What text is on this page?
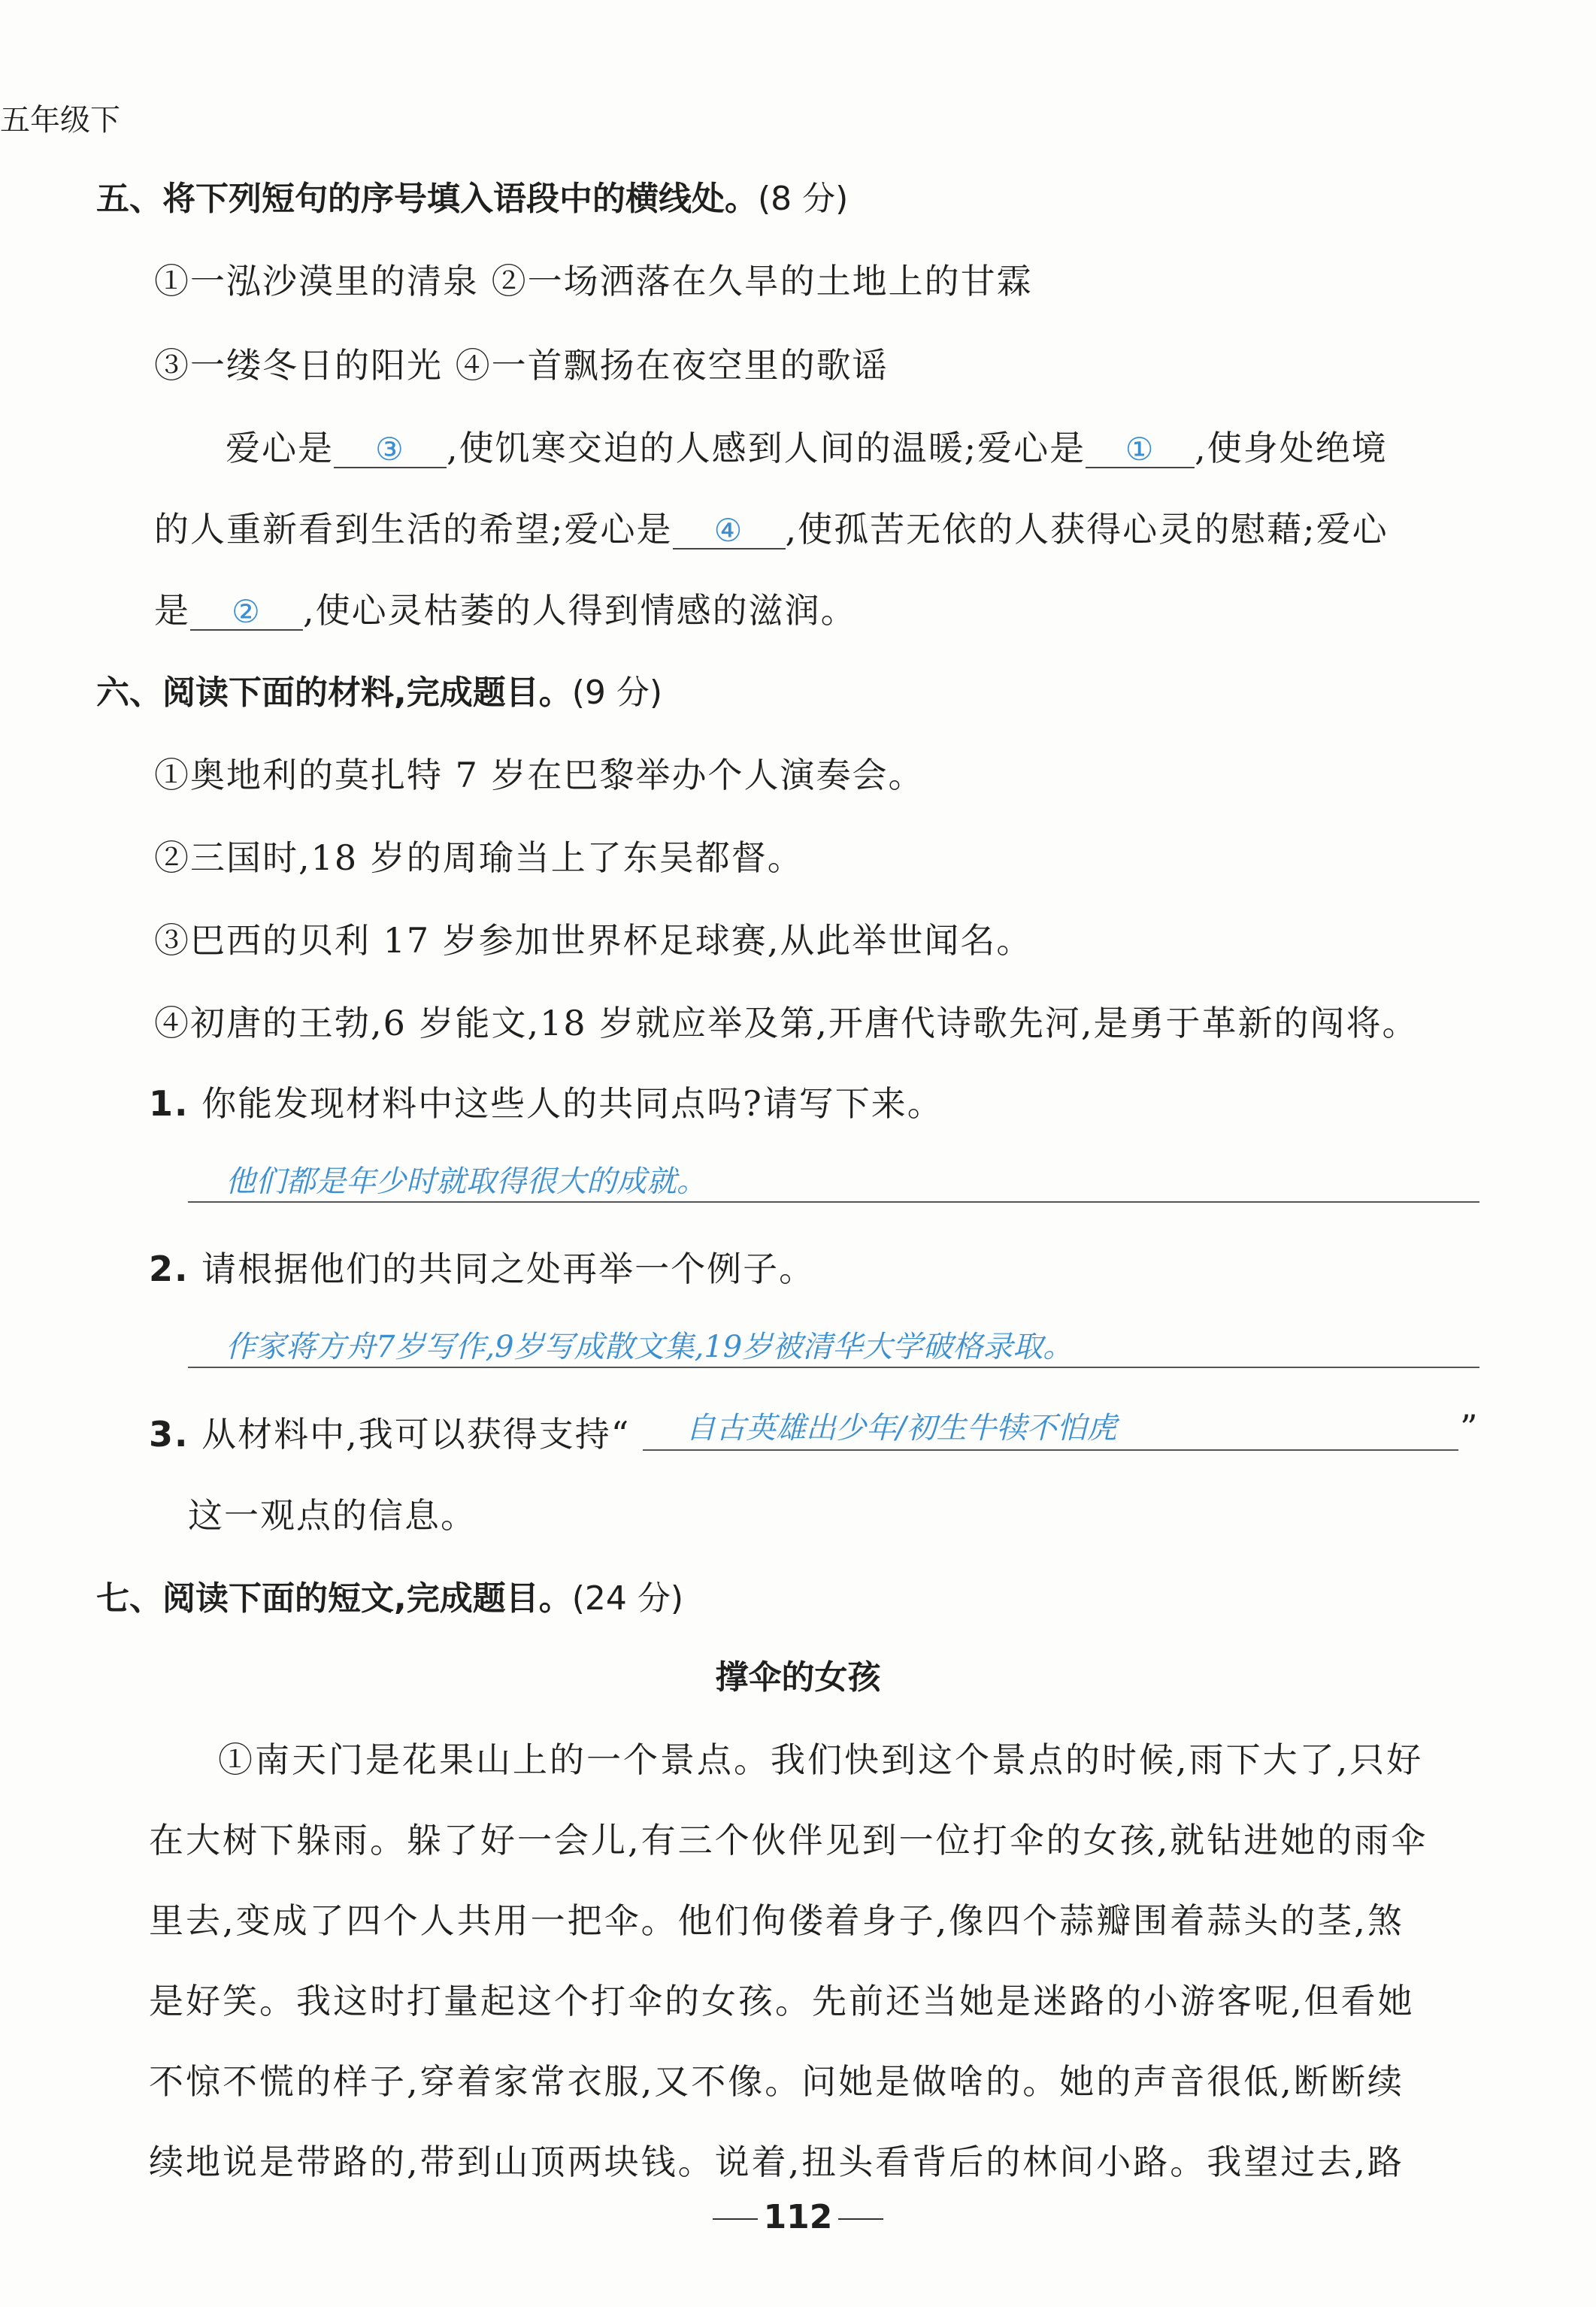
五年级下
五、将下列短句的序号填入语段中的横线处。(8 分)
①一泓沙漠里的清泉 ②一场洒落在久旱的土地上的甘霖
③一缕冬日的阳光 ④一首飘扬在夜空里的歌谣
爱心是 ③ ,使饥寒交迫的人感到人间的温暖;爱心是 ① ,使身处绝境
的人重新看到生活的希望;爱心是 ④ ,使孤苦无依的人获得心灵的慰藉;爱心
是 ② ,使心灵枯萎的人得到情感的滋润。
六、阅读下面的材料,完成题目。(9 分)
①奥地利的莫扎特 7 岁在巴黎举办个人演奏会。
②三国时,18 岁的周瑜当上了东吴都督。
③巴西的贝利 17 岁参加世界杯足球赛,从此举世闻名。
④初唐的王勃,6 岁能文,18 岁就应举及第,开唐代诗歌先河,是勇于革新的闯将。
1. 你能发现材料中这些人的共同点吗?请写下来。
他们都是年少时就取得很大的成就。
2. 请根据他们的共同之处再举一个例子。
作家蒋方舟7岁写作,9岁写成散文集,19岁被清华大学破格录取。
3. 从材料中,我可以获得支持“ 自古英雄出少年/初生牛犊不怕虎	”
这一观点的信息。
七、阅读下面的短文,完成题目。(24 分)
撑伞的女孩
①南天门是花果山上的一个景点。我们快到这个景点的时候,雨下大了,只好
在大树下躲雨。躲了好一会儿,有三个伙伴见到一位打伞的女孩,就钻进她的雨伞
里去,变成了四个人共用一把伞。他们佝偻着身子,像四个蒜瓣围着蒜头的茎,煞
是好笑。我这时打量起这个打伞的女孩。先前还当她是迷路的小游客呢,但看她
不惊不慌的样子,穿着家常衣服,又不像。问她是做啥的。她的声音很低,断断续
续地说是带路的,带到山顶两块钱。说着,扭头看背后的林间小路。我望过去,路
112
